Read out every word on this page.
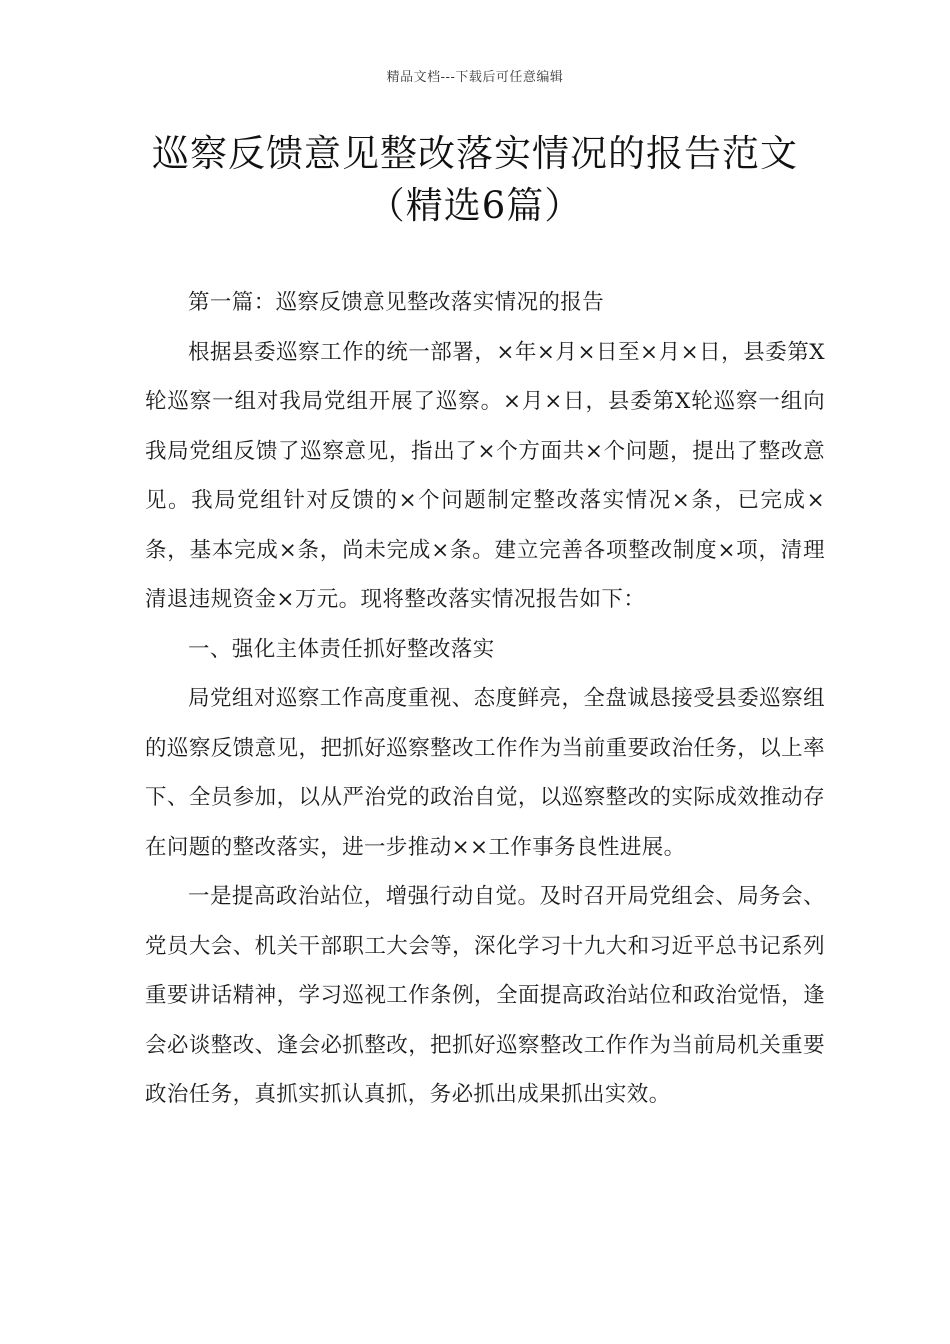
精品文档---下载后可任意编辑
巡察反馈意见整改落实情况的报告范文
（精选6篇）

第一篇：巡察反馈意见整改落实情况的报告

根据县委巡察工作的统一部署，×年×月×日至×月×日，县委第X轮巡察一组对我局党组开展了巡察。×月×日，县委第X轮巡察一组向我局党组反馈了巡察意见，指出了×个方面共×个问题，提出了整改意见。我局党组针对反馈的×个问题制定整改落实情况×条，已完成×条，基本完成×条，尚未完成×条。建立完善各项整改制度×项，清理清退违规资金×万元。现将整改落实情况报告如下：

一、强化主体责任抓好整改落实

局党组对巡察工作高度重视、态度鲜亮，全盘诚恳接受县委巡察组的巡察反馈意见，把抓好巡察整改工作作为当前重要政治任务，以上率下、全员参加，以从严治党的政治自觉，以巡察整改的实际成效推动存在问题的整改落实，进一步推动××工作事务良性进展。

一是提高政治站位，增强行动自觉。及时召开局党组会、局务会、党员大会、机关干部职工大会等，深化学习十九大和习近平总书记系列重要讲话精神，学习巡视工作条例，全面提高政治站位和政治觉悟，逢会必谈整改、逢会必抓整改，把抓好巡察整改工作作为当前局机关重要政治任务，真抓实抓认真抓，务必抓出成果抓出实效。
